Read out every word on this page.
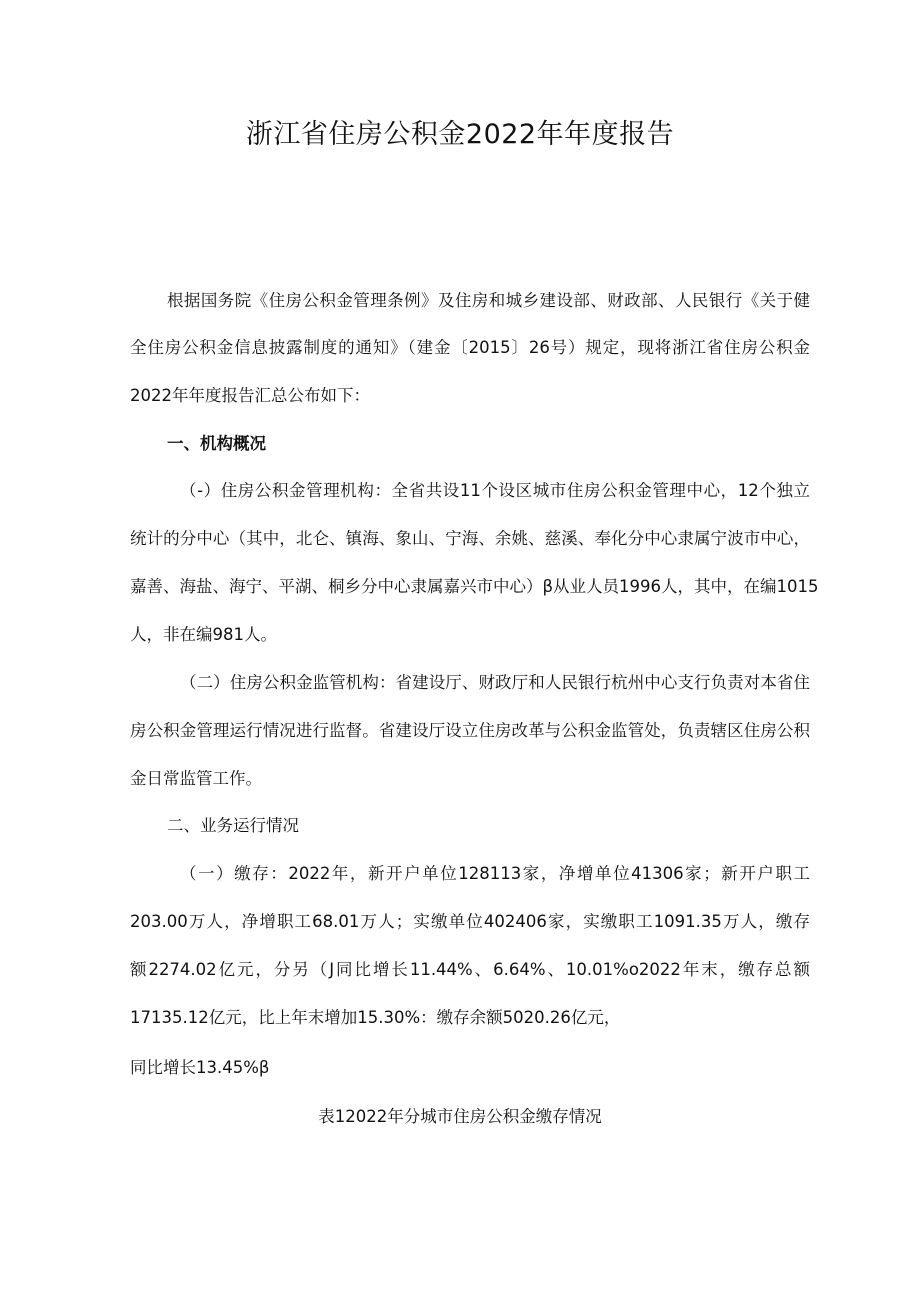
浙江省住房公积金2022年年度报告

根据国务院《住房公积金管理条例》及住房和城乡建设部、财政部、人民银行《关于健

全住房公积金信息披露制度的通知》（建金〔2015〕26号）规定，现将浙江省住房公积金

2022年年度报告汇总公布如下：

一、机构概况

（-）住房公积金管理机构：全省共设11个设区城市住房公积金管理中心，12个独立

统计的分中心（其中，北仑、镇海、象山、宁海、余姚、慈溪、奉化分中心隶属宁波市中心，

嘉善、海盐、海宁、平湖、桐乡分中心隶属嘉兴市中心）β从业人员1996人，其中，在编1015

人，非在编981人。

（二）住房公积金监管机构：省建设厅、财政厅和人民银行杭州中心支行负责对本省住

房公积金管理运行情况进行监督。省建设厅设立住房改革与公积金监管处，负责辖区住房公积

金日常监管工作。

二、业务运行情况

（一）缴存：2022年，新开户单位128113家，净增单位41306家；新开户职工

203.00万人，净增职工68.01万人；实缴单位402406家，实缴职工1091.35万人，缴存

额2274.02亿元，分另（J同比增长11.44%、6.64%、10.01%o2022年末，缴存总额

17135.12亿元，比上年末增加15.30%：缴存余额5020.26亿元，

同比增长13.45%β

表12022年分城市住房公积金缴存情况
